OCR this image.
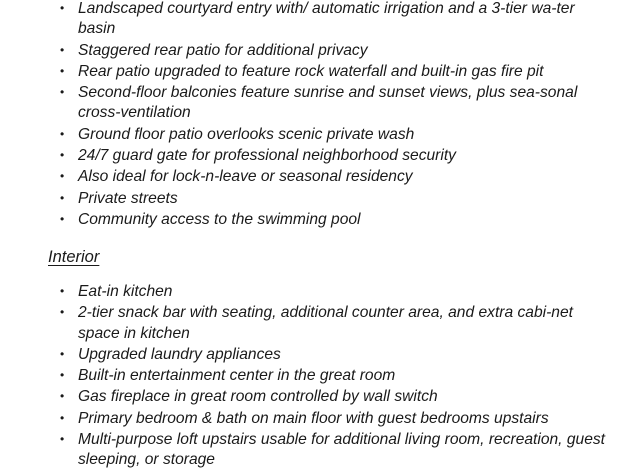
• Landscaped courtyard entry with/ automatic irrigation and a 3-tier wa-ter basin
• Staggered rear patio for additional privacy
• Rear patio upgraded to feature rock waterfall and built-in gas fire pit
• Second-floor balconies feature sunrise and sunset views, plus sea-sonal cross-ventilation
• Ground floor patio overlooks scenic private wash
• 24/7 guard gate for professional neighborhood security
• Also ideal for lock-n-leave or seasonal residency
• Private streets
• Community access to the swimming pool
Interior
• Eat-in kitchen
• 2-tier snack bar with seating, additional counter area, and extra cabi-net space in kitchen
• Upgraded laundry appliances
• Built-in entertainment center in the great room
• Gas fireplace in great room controlled by wall switch
• Primary bedroom & bath on main floor with guest bedrooms upstairs
• Multi-purpose loft upstairs usable for additional living room, recreation, guest sleeping, or storage
